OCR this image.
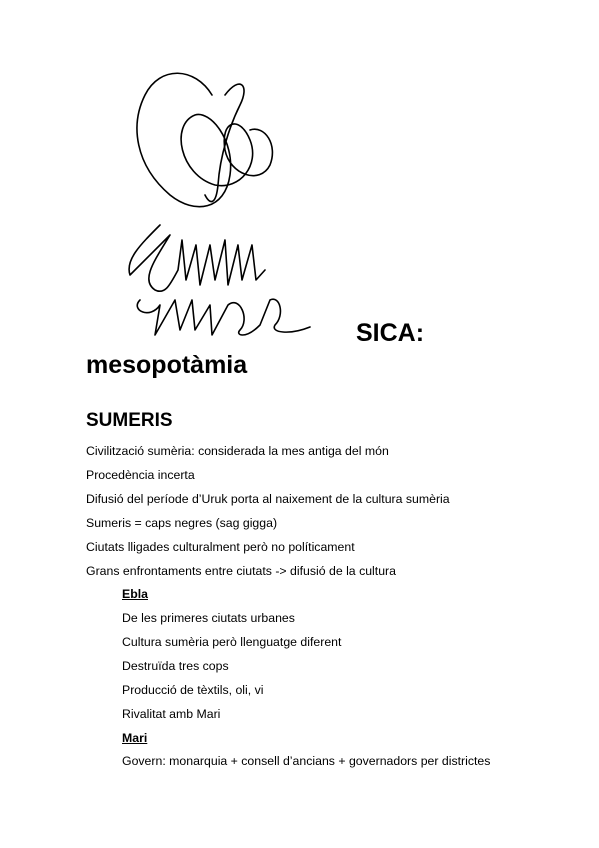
SICA:
mesopotàmia
SUMERIS
Civilització sumèria: considerada la mes antiga del món
Procedència incerta
Difusió del període d’Uruk porta al naixement de la cultura sumèria
Sumeris = caps negres (sag gigga)
Ciutats lligades culturalment però no políticament
Grans enfrontaments entre ciutats -> difusió de la cultura
Ebla
De les primeres ciutats urbanes
Cultura sumèria però llenguatge diferent
Destruïda tres cops
Producció de tèxtils, oli, vi
Rivalitat amb Mari
Mari
Govern: monarquia + consell d’ancians + governadors per districtes
